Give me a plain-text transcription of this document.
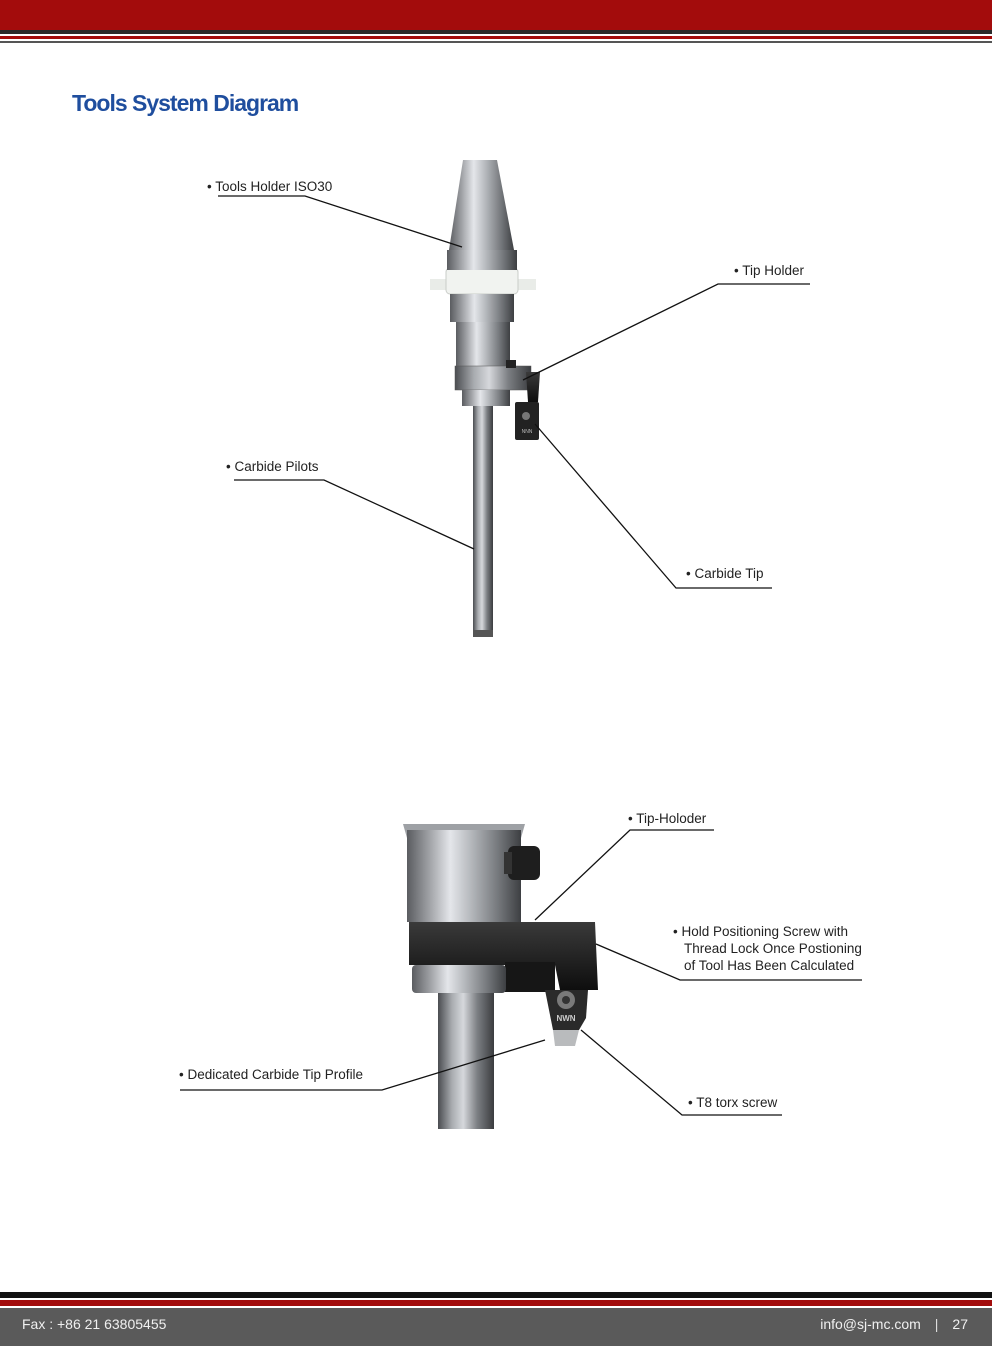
Tools System Diagram
NNN
NWN
• Tools Holder ISO30
• Tip Holder
• Carbide Pilots
• Carbide Tip
• Tip-Holoder
• Hold Positioning Screw with
Thread Lock Once Postioning
of Tool Has Been Calculated
• Dedicated Carbide Tip Profile
• T8 torx screw
Fax : +86 21 63805455	info@sj-mc.com | 27
